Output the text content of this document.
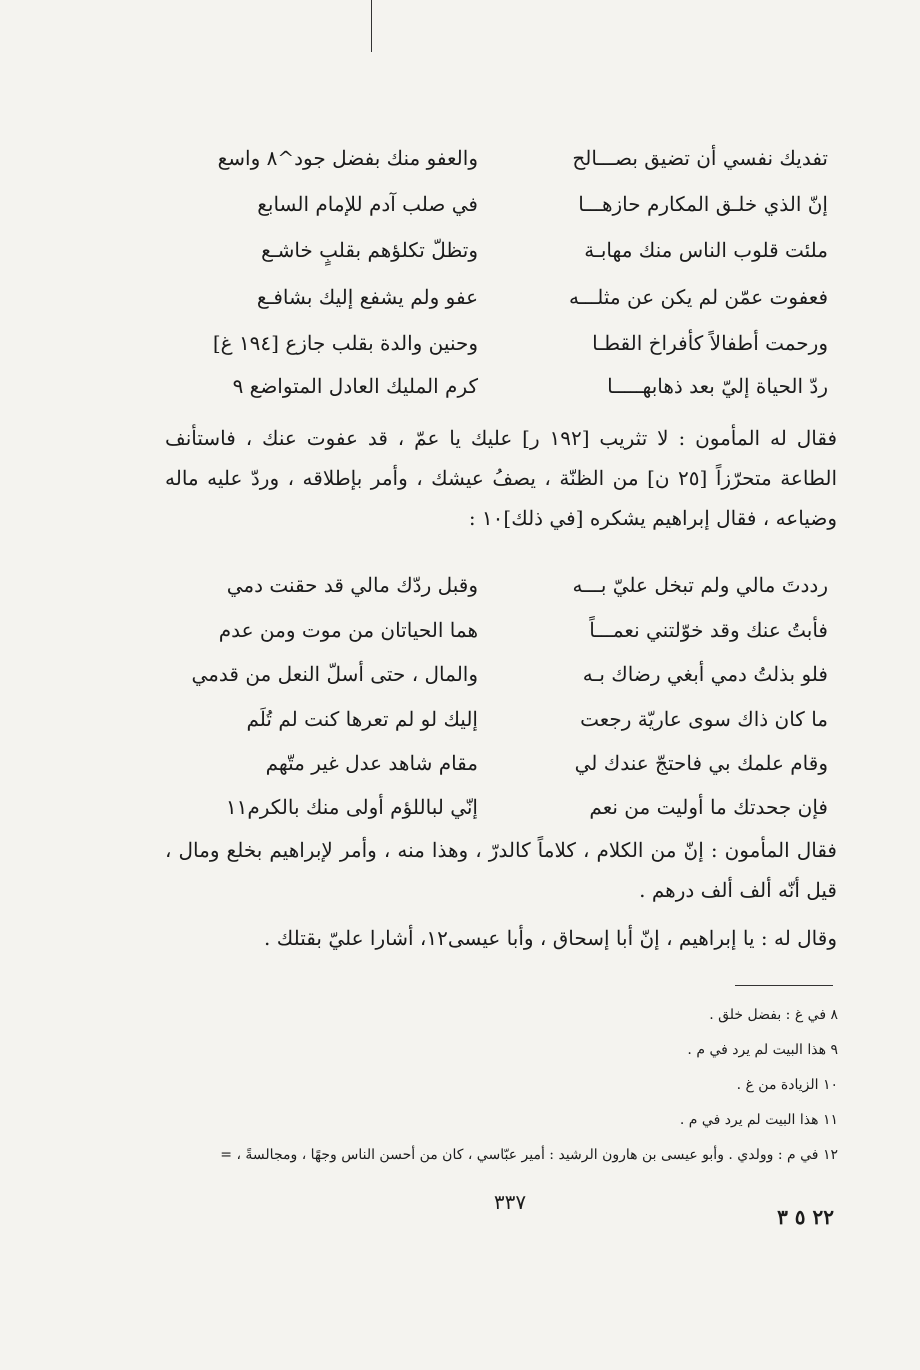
تفديك نفسي أن تضيق بصـــالح
والعفو منك بفضل جود^٨ واسع
إنّ الذي خلـق المكارم حازهـــا
في صلب آدم للإمام السابع
ملئت قلوب الناس منك مهابـة
وتظلّ تكلؤهم بقلبٍ خاشـع
فعفوت عمّن لم يكن عن مثلـــه
عفو ولم يشفع إليك بشافـع
ورحمت أطفالاً كأفراخ القطـا
وحنين والدة بقلب جازع [١٩٤ غ]
ردّ الحياة إليّ بعد ذهابهـــــا
كرم المليك العادل المتواضع ٩

فقال له المأمون : لا تثريب [١٩٢ ر] عليك يا عمّ ، قد عفوت عنك ، فاستأنف الطاعة متحرّزاً [٢٥ ن] من الظنّة ، يصفُ عيشك ، وأمر بإطلاقه ، وردّ عليه ماله وضياعه ، فقال إبراهيم يشكره [في ذلك]١٠ :

رددتَ مالي ولم تبخل عليّ بـــه
وقبل ردّك مالي قد حقنت دمي
فأبتُ عنك وقد خوّلتني نعمـــاً
هما الحياتان من موت ومن عدم
فلو بذلتُ دمي أبغي رضاك بـه
والمال ، حتى أسلّ النعل من قدمي
ما كان ذاك سوى عاريّة رجعت
إليك لو لم تعرها كنت لم تُلَم
وقام علمك بي فاحتجّ عندك لي
مقام شاهد عدل غير متّهم
فإن جحدتك ما أوليت من نعم
إنّي لباللؤم أولى منك بالكرم١١

فقال المأمون : إنّ من الكلام ، كلاماً كالدرّ ، وهذا منه ، وأمر لإبراهيم بخلع ومال ، قيل أنّه ألف ألف درهم .

وقال له : يا إبراهيم ، إنّ أبا إسحاق ، وأبا عيسى١٢، أشارا عليّ بقتلك .

٨ في غ : بفضل خلق .
٩ هذا البيت لم يرد في م .
١٠ الزيادة من غ .
١١ هذا البيت لم يرد في م .
١٢ في م : وولدي . وأبو عيسى بن هارون الرشيد : أمير عبّاسي ، كان من أحسن الناس وجهًا ، ومجالسةً ، =
٣٣٧
٢٢ ٥ ٣
